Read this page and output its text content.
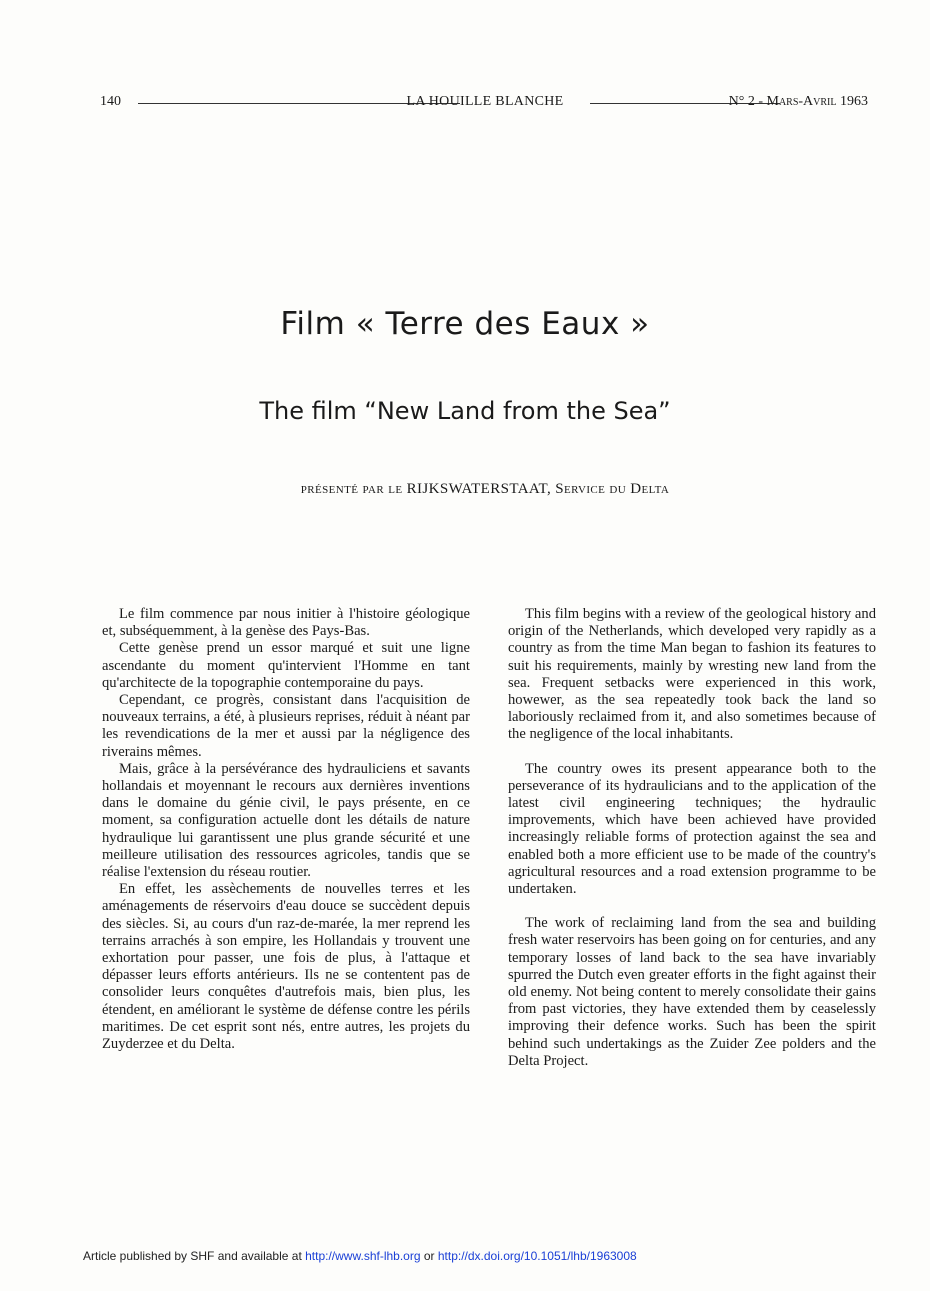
140	LA HOUILLE BLANCHE	N° 2 - Mars-Avril 1963
Film « Terre des Eaux »
The film “New Land from the Sea”
présenté par le RIJKSWATERSTAAT, Service du Delta

Le film commence par nous initier à l'histoire géologique et, subséquemment, à la genèse des Pays-Bas.

Cette genèse prend un essor marqué et suit une ligne ascendante du moment qu'intervient l'Homme en tant qu'architecte de la topographie contemporaine du pays.

Cependant, ce progrès, consistant dans l'acquisition de nouveaux terrains, a été, à plusieurs reprises, réduit à néant par les revendications de la mer et aussi par la négligence des riverains mêmes.

Mais, grâce à la persévérance des hydrauliciens et savants hollandais et moyennant le recours aux dernières inventions dans le domaine du génie civil, le pays présente, en ce moment, sa configuration actuelle dont les détails de nature hydraulique lui garantissent une plus grande sécurité et une meilleure utilisation des ressources agricoles, tandis que se réalise l'extension du réseau routier.

En effet, les assèchements de nouvelles terres et les aménagements de réservoirs d'eau douce se succèdent depuis des siècles. Si, au cours d'un raz-de-marée, la mer reprend les terrains arrachés à son empire, les Hollandais y trouvent une exhortation pour passer, une fois de plus, à l'attaque et dépasser leurs efforts antérieurs. Ils ne se contentent pas de consolider leurs conquêtes d'autrefois mais, bien plus, les étendent, en améliorant le système de défense contre les périls maritimes. De cet esprit sont nés, entre autres, les projets du Zuyderzee et du Delta.

This film begins with a review of the geological history and origin of the Netherlands, which developed very rapidly as a country as from the time Man began to fashion its features to suit his requirements, mainly by wresting new land from the sea. Frequent setbacks were experienced in this work, howewer, as the sea repeatedly took back the land so laboriously reclaimed from it, and also sometimes because of the negligence of the local inhabitants.

The country owes its present appearance both to the perseverance of its hydraulicians and to the application of the latest civil engineering techniques; the hydraulic improvements, which have been achieved have provided increasingly reliable forms of protection against the sea and enabled both a more efficient use to be made of the country's agricultural resources and a road extension programme to be undertaken.

The work of reclaiming land from the sea and building fresh water reservoirs has been going on for centuries, and any temporary losses of land back to the sea have invariably spurred the Dutch even greater efforts in the fight against their old enemy. Not being content to merely consolidate their gains from past victories, they have extended them by ceaselessly improving their defence works. Such has been the spirit behind such undertakings as the Zuider Zee polders and the Delta Project.

Article published by SHF and available at http://www.shf-lhb.org or http://dx.doi.org/10.1051/lhb/1963008
